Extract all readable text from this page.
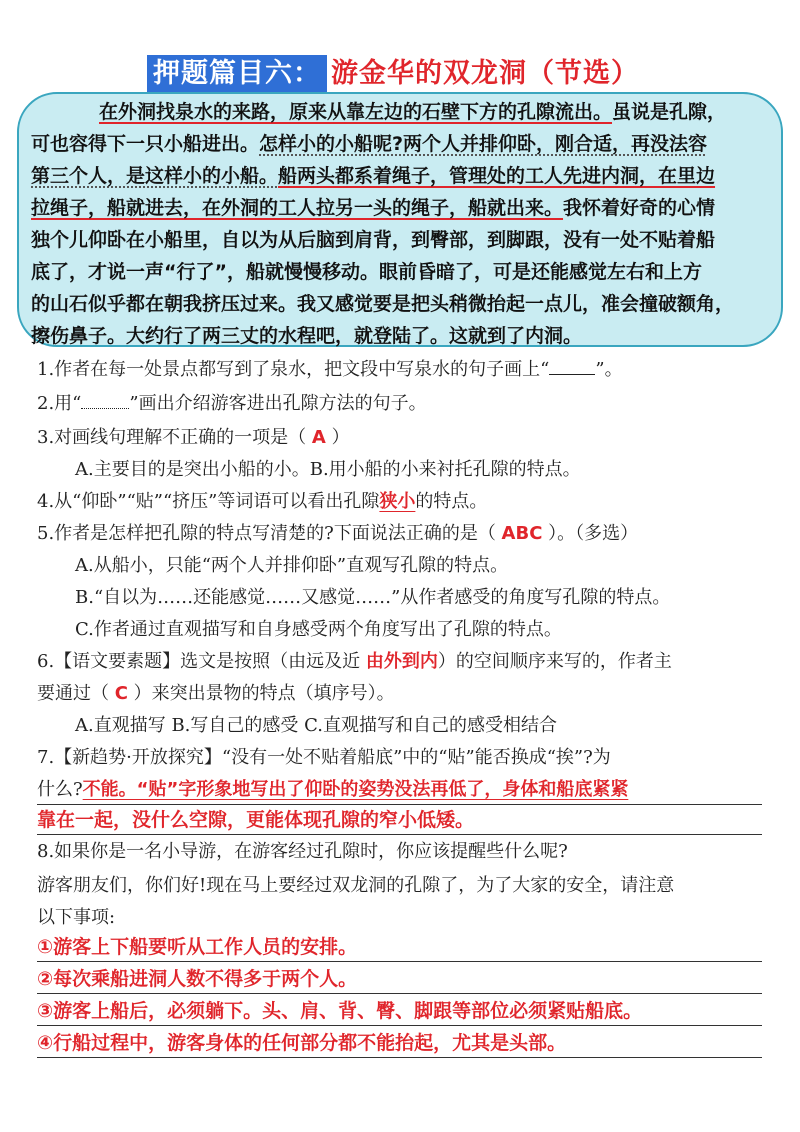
押题篇目六： 游金华的双龙洞（节选）
在外洞找泉水的来路，原来从靠左边的石壁下方的孔隙流出。虽说是孔隙，
可也容得下一只小船进出。怎样小的小船呢?两个人并排仰卧，刚合适，再没法容
第三个人，是这样小的小船。船两头都系着绳子，管理处的工人先进内洞，在里边
拉绳子，船就进去，在外洞的工人拉另一头的绳子，船就出来。我怀着好奇的心情
独个儿仰卧在小船里，自以为从后脑到肩背，到臀部，到脚跟，没有一处不贴着船
底了，才说一声“行了”，船就慢慢移动。眼前昏暗了，可是还能感觉左右和上方
的山石似乎都在朝我挤压过来。我又感觉要是把头稍微抬起一点儿，准会撞破额角，
擦伤鼻子。大约行了两三丈的水程吧，就登陆了。这就到了内洞。
1.作者在每一处景点都写到了泉水，把文段中写泉水的句子画上“	”。
2.用“	”画出介绍游客进出孔隙方法的句子。
3.对画线句理解不正确的一项是（ A ）
A.主要目的是突出小船的小。B.用小船的小来衬托孔隙的特点。
4.从“仰卧”“贴”“挤压”等词语可以看出孔隙狭小的特点。
5.作者是怎样把孔隙的特点写清楚的?下面说法正确的是（ ABC ）。（多选）
A.从船小，只能“两个人并排仰卧”直观写孔隙的特点。
B.“自以为……还能感觉……又感觉……”从作者感受的角度写孔隙的特点。
C.作者通过直观描写和自身感受两个角度写出了孔隙的特点。
6.【语文要素题】选文是按照（由远及近 由外到内）的空间顺序来写的，作者主
要通过（ C ）来突出景物的特点（填序号）。
A.直观描写 B.写自己的感受 C.直观描写和自己的感受相结合
7.【新趋势·开放探究】“没有一处不贴着船底”中的“贴”能否换成“挨”?为
什么?不能。“贴”字形象地写出了仰卧的姿势没法再低了，身体和船底紧紧
靠在一起，没什么空隙，更能体现孔隙的窄小低矮。
8.如果你是一名小导游，在游客经过孔隙时，你应该提醒些什么呢?
游客朋友们，你们好!现在马上要经过双龙洞的孔隙了，为了大家的安全，请注意
以下事项:
①游客上下船要听从工作人员的安排。
②每次乘船进洞人数不得多于两个人。
③游客上船后，必须躺下。头、肩、背、臀、脚跟等部位必须紧贴船底。
④行船过程中，游客身体的任何部分都不能抬起，尤其是头部。
